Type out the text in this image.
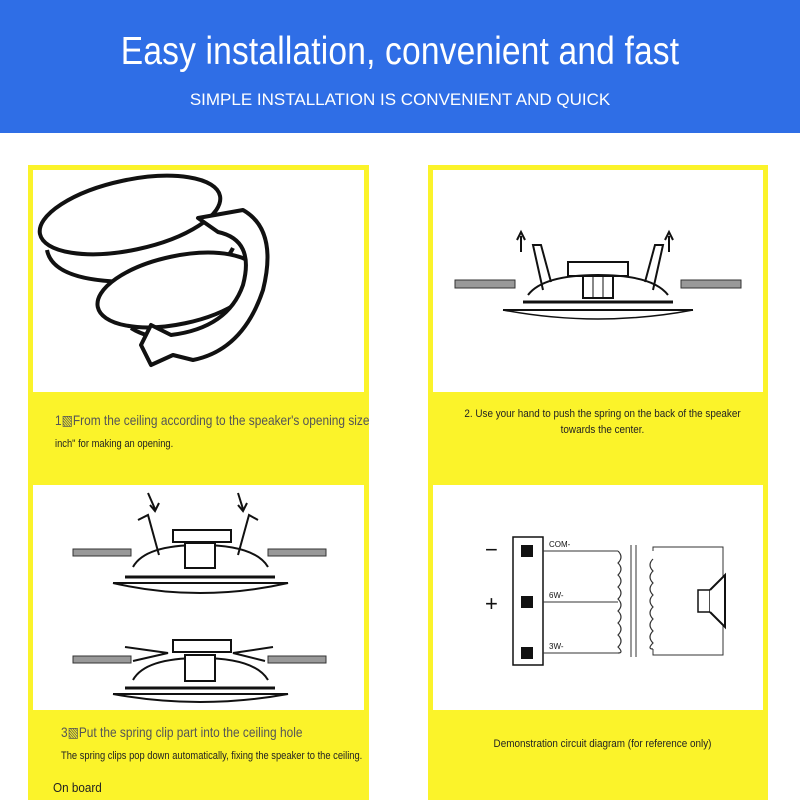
Easy installation, convenient and fast
SIMPLE INSTALLATION IS CONVENIENT AND QUICK
1▧From the ceiling according to the speaker's opening size
inch" for making an opening.
2. Use your hand to push the spring on the back of the speaker towards the center.
3▧Put the spring clip part into the ceiling hole
The spring clips pop down automatically, fixing the speaker to the ceiling.
On board
−
+
COM-
6W-
3W-
Demonstration circuit diagram (for reference only)
